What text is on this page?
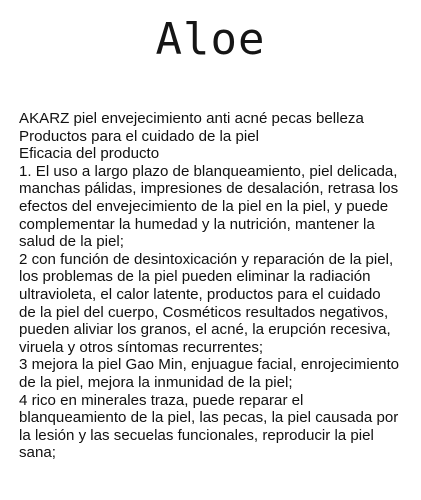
Aloe
AKARZ piel envejecimiento anti acné pecas belleza
Productos para el cuidado de la piel
Eficacia del producto
1. El uso a largo plazo de blanqueamiento, piel delicada,
manchas pálidas, impresiones de desalación, retrasa los
efectos del envejecimiento de la piel en la piel, y puede
complementar la humedad y la nutrición, mantener la
salud de la piel;
2 con función de desintoxicación y reparación de la piel,
los problemas de la piel pueden eliminar la radiación
ultravioleta, el calor latente, productos para el cuidado
de la piel del cuerpo, Cosméticos resultados negativos,
pueden aliviar los granos, el acné, la erupción recesiva,
viruela y otros síntomas recurrentes;
3 mejora la piel Gao Min, enjuague facial, enrojecimiento
de la piel, mejora la inmunidad de la piel;
4 rico en minerales traza, puede reparar el
blanqueamiento de la piel, las pecas, la piel causada por
la lesión y las secuelas funcionales, reproducir la piel
sana;
